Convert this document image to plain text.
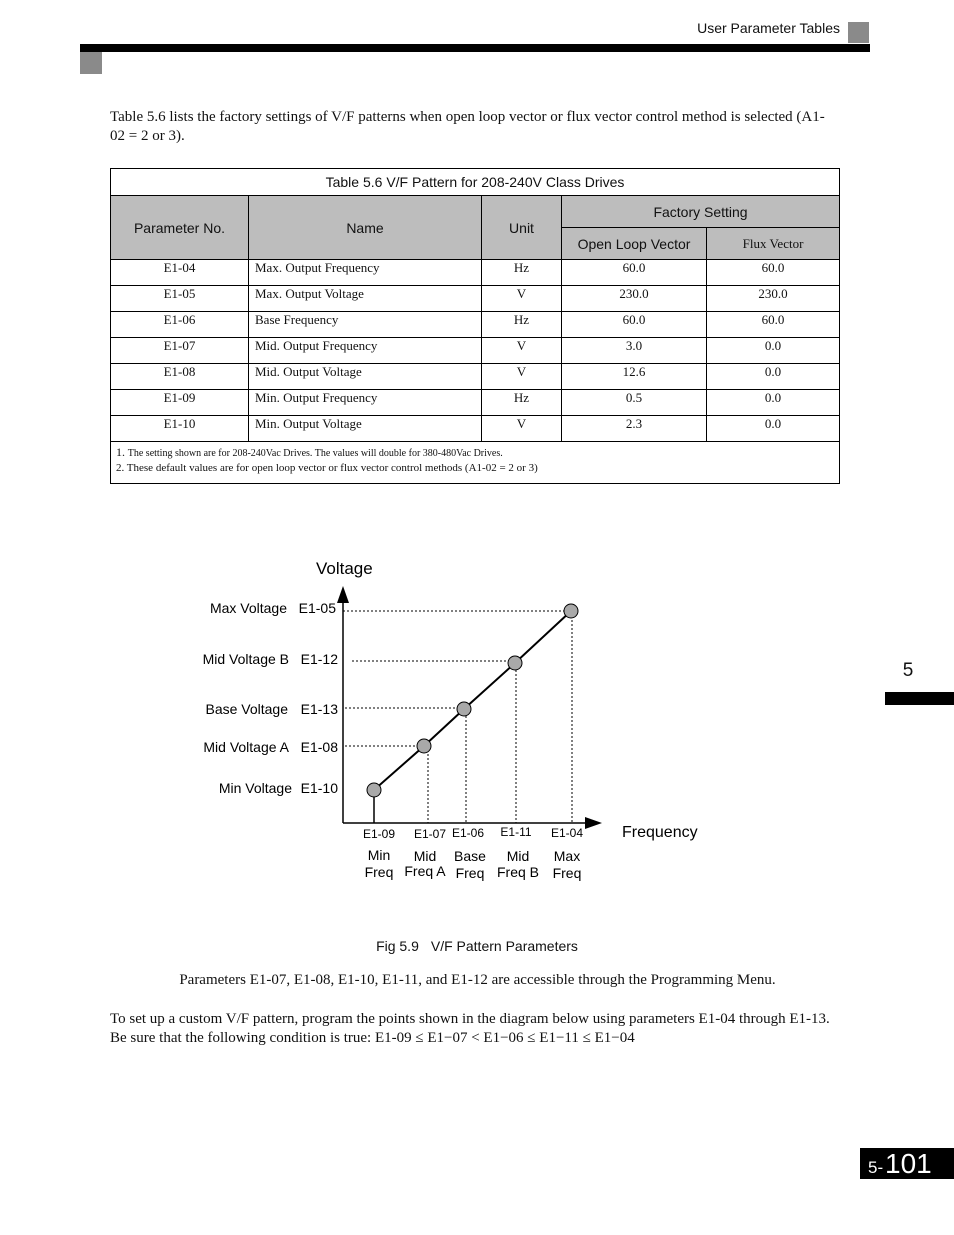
User Parameter Tables
Table 5.6 lists the factory settings of V/F patterns when open loop vector or flux vector control method is selected (A1-02 = 2 or 3).
Table 5.6 V/F Pattern for 208-240V Class Drives				
Parameter No.	Name	Unit	Factory Setting	
			Open Loop Vector	Flux Vector
E1-04	Max. Output Frequency	Hz	60.0	60.0
E1-05	Max. Output Voltage	V	230.0	230.0
E1-06	Base Frequency	Hz	60.0	60.0
E1-07	Mid. Output Frequency	V	3.0	0.0
E1-08	Mid. Output Voltage	V	12.6	0.0
E1-09	Min. Output Frequency	Hz	0.5	0.0
E1-10	Min. Output Voltage	V	2.3	0.0

1. The setting shown are for 208-240Vac Drives. The values will double for 380-480Vac Drives.
2. These default values are for open loop vector or flux vector control methods (A1-02 = 2 or 3)				
Voltage
Frequency
Max Voltage E1-05
Mid Voltage B E1-12
Base Voltage E1-13
Mid Voltage A E1-08
Min Voltage E1-10
E1-09
Min
Freq
E1-07
Mid
Freq A
E1-06
Base
Freq
E1-11
Mid
Freq B
E1-04
Max
Freq
Fig 5.9 V/F Pattern Parameters
Parameters E1-07, E1-08, E1-10, E1-11, and E1-12 are accessible through the Programming Menu.
To set up a custom V/F pattern, program the points shown in the diagram below using parameters E1-04 through E1-13. Be sure that the following condition is true: E1-09 ≤ E1−07 < E1−06 ≤ E1−11 ≤ E1−04
5
5- 101
